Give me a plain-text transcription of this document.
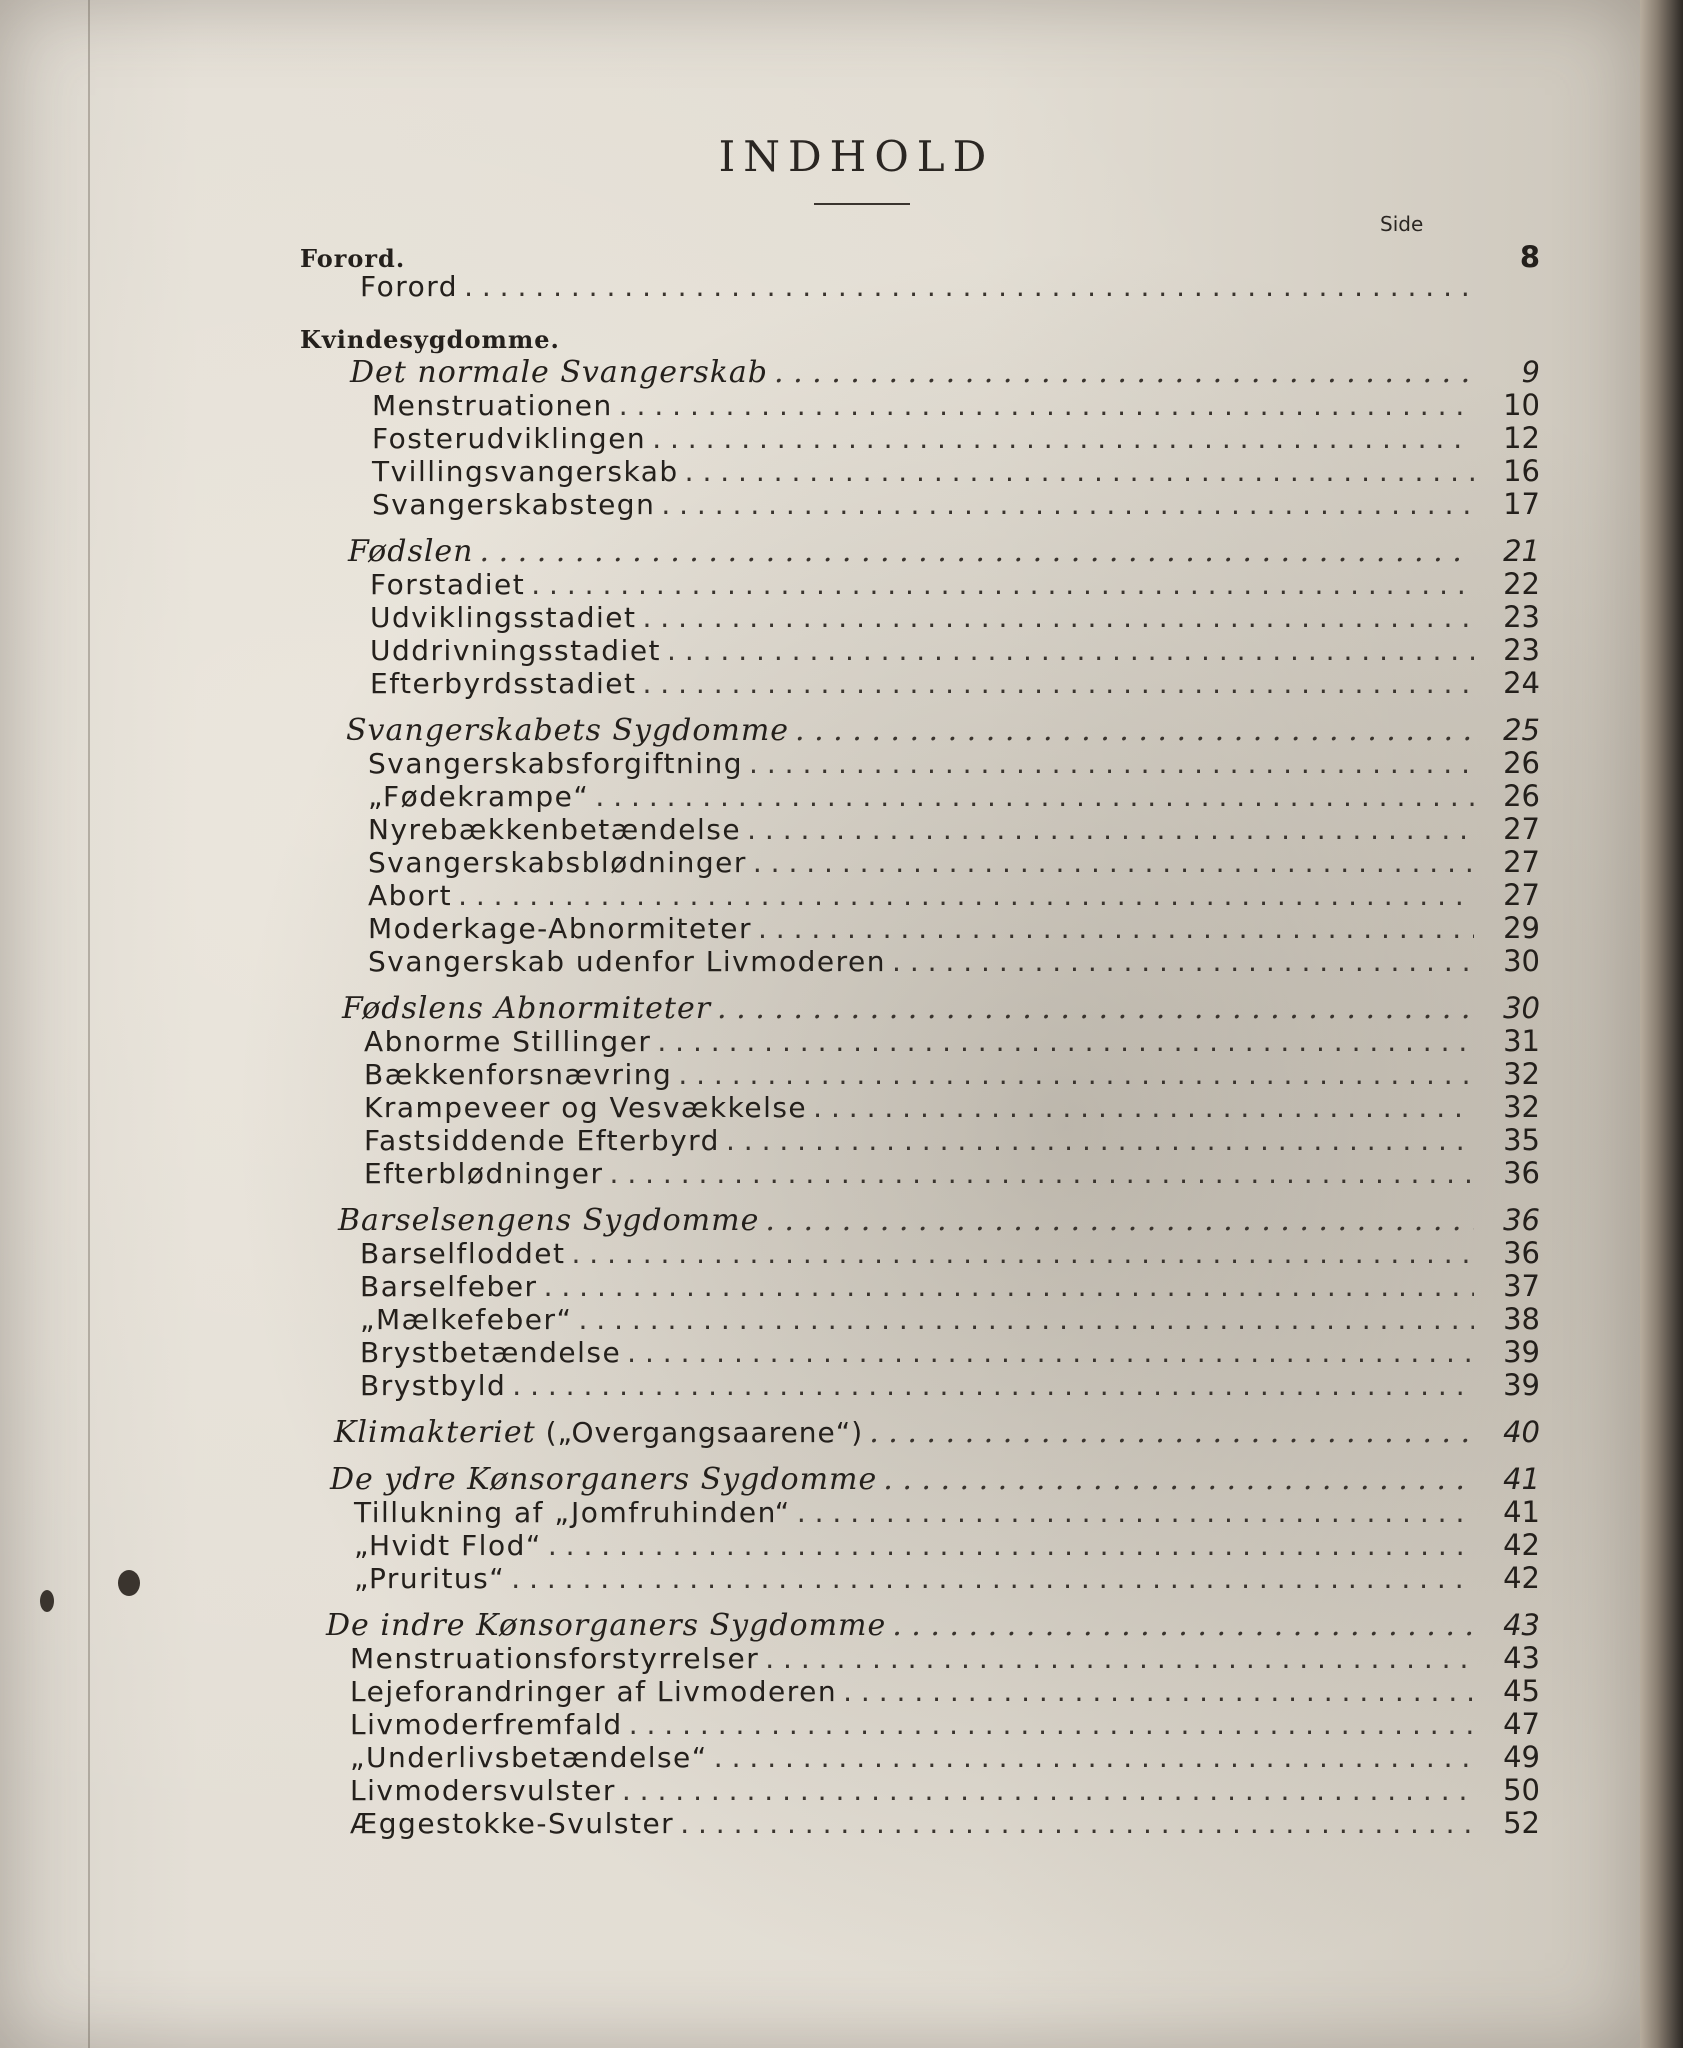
INDHOLD
Side
Forord.	8
Forord
. . .
Kvindesygdomme.
Det normale Svangerskab . . .	9
Menstruationen . . .	10
Fosterudviklingen . . .	12
Tvillingsvangerskab . . .	16
Svangerskabstegn . . .	17
Fødslen . . .	21
Forstadiet . . .	22
Udviklingsstadiet . . .	23
Uddrivningsstadiet . . .	23
Efterbyrdsstadiet . . .	24
Svangerskabets Sygdomme . . .	25
Svangerskabsforgiftning . . .	26
„Fødekrampe“ . . .	26
Nyrebækkenbetændelse . . .	27
Svangerskabsblødninger . . .	27
Abort . . .	27
Moderkage-Abnormiteter . . .	29
Svangerskab udenfor Livmoderen . . .	30
Fødslens Abnormiteter . . .	30
Abnorme Stillinger . . .	31
Bækkenforsnævring . . .	32
Krampeveer og Vesvækkelse . . .	32
Fastsiddende Efterbyrd . . .	35
Efterblødninger . . .	36
Barselsengens Sygdomme . . .	36
Barselfloddet . . .	36
Barselfeber . . .	37
„Mælkefeber“ . . .	38
Brystbetændelse . . .	39
Brystbyld . . .	39
Klimakteriet („Overgangsaarene“) . . .	40
De ydre Kønsorganers Sygdomme . . .	41
Tillukning af „Jomfruhinden“ . . .	41
„Hvidt Flod“ . . .	42
„Pruritus“ . . .	42
De indre Kønsorganers Sygdomme . . .	43
Menstruationsforstyrrelser . . .	43
Lejeforandringer af Livmoderen . . .	45
Livmoderfremfald . . .	47
„Underlivsbetændelse“ . . .	49
Livmodersvulster . . .	50
Æggestokke-Svulster . . .	52
